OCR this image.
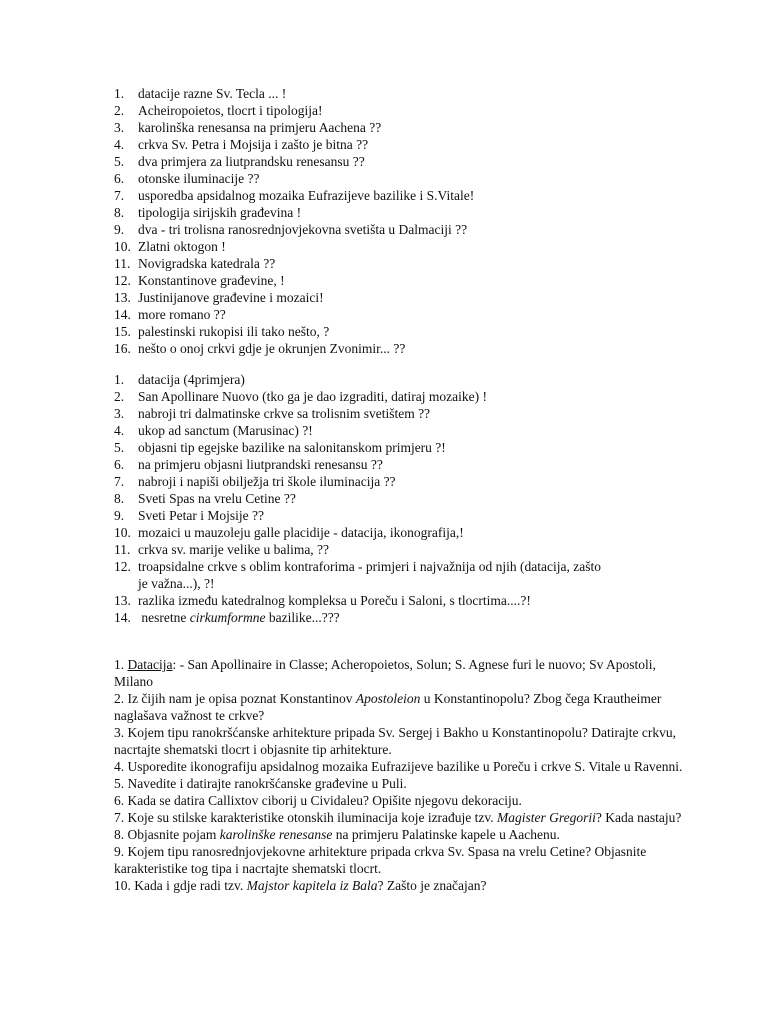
1. datacije razne Sv. Tecla ... !
2. Acheiropoietos, tlocrt i tipologija!
3. karolinška renesansa na primjeru Aachena ??
4. crkva Sv. Petra i Mojsija i zašto je bitna ??
5. dva primjera za liutprandsku renesansu ??
6. otonske iluminacije ??
7. usporedba apsidalnog mozaika Eufrazijeve bazilike i S.Vitale!
8. tipologija sirijskih građevina !
9. dva - tri trolisna ranosrednjovjekovna svetišta u Dalmaciji ??
10. Zlatni oktogon !
11. Novigradska katedrala ??
12. Konstantinove građevine, !
13. Justinijanove građevine i mozaici!
14. more romano ??
15. palestinski rukopisi ili tako nešto, ?
16. nešto o onoj crkvi gdje je okrunjen Zvonimir... ??
1. datacija (4primjera)
2. San Apollinare Nuovo (tko ga je dao izgraditi, datiraj mozaike) !
3. nabroji tri dalmatinske crkve sa trolisnim svetištem ??
4. ukop ad sanctum (Marusinac) ?!
5. objasni tip egejske bazilike na salonitanskom primjeru ?!
6. na primjeru objasni liutprandski renesansu ??
7. nabroji i napiši obilježja tri škole iluminacija ??
8. Sveti Spas na vrelu Cetine ??
9. Sveti Petar i Mojsije ??
10. mozaici u mauzoleju galle placidije - datacija, ikonografija,!
11. crkva sv. marije velike u balima, ??
12. troapsidalne crkve s oblim kontraforima - primjeri i najvažnija od njih (datacija, zašto
je važna...), ?!
13. razlika između katedralnog kompleksa u Poreču i Saloni, s tlocrtima....?!
14. nesretne cirkumformne bazilike...???
1. Datacija: - San Apollinaire in Classe; Acheropoietos, Solun; S. Agnese furi le nuovo; Sv Apostoli, Milano
2. Iz čijih nam je opisa poznat Konstantinov Apostoleion u Konstantinopolu? Zbog čega Krautheimer naglašava važnost te crkve?
3. Kojem tipu ranokršćanske arhitekture pripada Sv. Sergej i Bakho u Konstantinopolu? Datirajte crkvu, nacrtajte shematski tlocrt i objasnite tip arhitekture.
4. Usporedite ikonografiju apsidalnog mozaika Eufrazijeve bazilike u Poreču i crkve S. Vitale u Ravenni.
5. Navedite i datirajte ranokršćanske građevine u Puli.
6. Kada se datira Callixtov ciborij u Cividaleu? Opišite njegovu dekoraciju.
7. Koje su stilske karakteristike otonskih iluminacija koje izrađuje tzv. Magister Gregorii? Kada nastaju?
8. Objasnite pojam karolinške renesanse na primjeru Palatinske kapele u Aachenu.
9. Kojem tipu ranosrednjovjekovne arhitekture pripada crkva Sv. Spasa na vrelu Cetine? Objasnite karakteristike tog tipa i nacrtajte shematski tlocrt.
10. Kada i gdje radi tzv. Majstor kapitela iz Bala? Zašto je značajan?
